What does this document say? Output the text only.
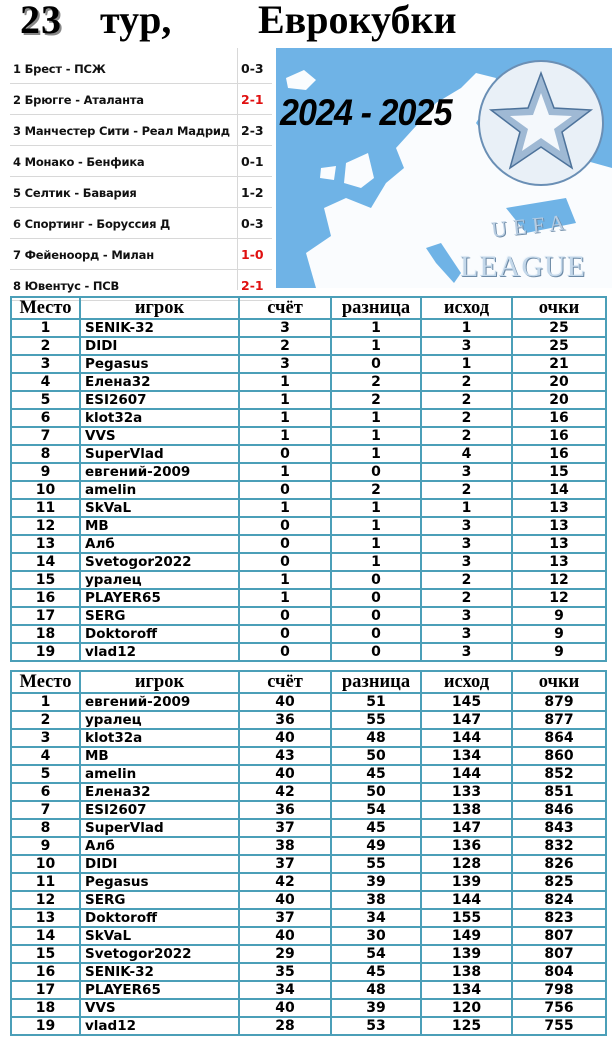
23 тур, Еврокубки
1 Брест - ПСЖ	0-3
2 Брюгге - Аталанта	2-1
3 Манчестер Сити - Реал Мадрид 2-3
4 Монако - Бенфика	0-1
5 Селтик - Бавария	1-2
6 Спортинг - Боруссия Д	0-3
7 Фейеноорд - Милан	1-0
8 Ювентус - ПСВ	2-1
2024 - 2025
UEFA
LEAGUE
Место	игрок	счёт	разница	исход	очки
1	SENIK-32	3	1	1	25
2	DIDI	2	1	3	25
3	Pegasus	3	0	1	21
4	Елена32	1	2	2	20
5	ESI2607	1	2	2	20
6	klot32a	1	1	2	16
7	VVS	1	1	2	16
8	SuperVlad	0	1	4	16
9	евгений-2009	1	0	3	15
10	amelin	0	2	2	14
11	SkVaL	1	1	1	13
12	MB	0	1	3	13
13	Алб	0	1	3	13
14	Svetogor2022	0	1	3	13
15	уралец	1	0	2	12
16	PLAYER65	1	0	2	12
17	SERG	0	0	3	9
18	Doktoroff	0	0	3	9
19	vlad12	0	0	3	9
Место	игрок	счёт	разница	исход	очки
1	евгений-2009	40	51	145	879
2	уралец	36	55	147	877
3	klot32a	40	48	144	864
4	MB	43	50	134	860
5	amelin	40	45	144	852
6	Елена32	42	50	133	851
7	ESI2607	36	54	138	846
8	SuperVlad	37	45	147	843
9	Алб	38	49	136	832
10	DIDI	37	55	128	826
11	Pegasus	42	39	139	825
12	SERG	40	38	144	824
13	Doktoroff	37	34	155	823
14	SkVaL	40	30	149	807
15	Svetogor2022	29	54	139	807
16	SENIK-32	35	45	138	804
17	PLAYER65	34	48	134	798
18	VVS	40	39	120	756
19	vlad12	28	53	125	755
